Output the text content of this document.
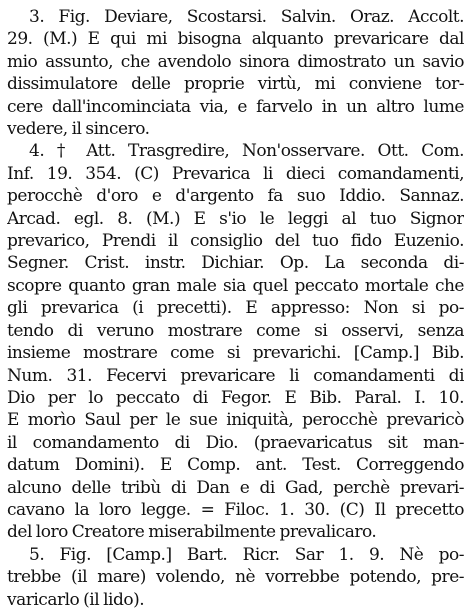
3. Fig. Deviare, Scostarsi. Salvin. Oraz. Accolt.
29. (M.) E qui mi bisogna alquanto prevaricare dal
mio assunto, che avendolo sinora dimostrato un savio
dissimulatore delle proprie virtù, mi conviene tor-
cere dall'incominciata via, e farvelo in un altro lume
vedere, il sincero.
4. † Att. Trasgredire, Non'osservare. Ott. Com.
Inf. 19. 354. (C) Prevarica li dieci comandamenti,
perocchè d'oro e d'argento fa suo Iddio. Sannaz.
Arcad. egl. 8. (M.) E s'io le leggi al tuo Signor
prevarico, Prendi il consiglio del tuo fido Euzenio.
Segner. Crist. instr. Dichiar. Op. La seconda di-
scopre quanto gran male sia quel peccato mortale che
gli prevarica (i precetti). E appresso: Non si po-
tendo di veruno mostrare come si osservi, senza
insieme mostrare come si prevarichi. [Camp.] Bib.
Num. 31. Fecervi prevaricare li comandamenti di
Dio per lo peccato di Fegor. E Bib. Paral. I. 10.
E morìo Saul per le sue iniquità, perocchè prevaricò
il comandamento di Dio. (praevaricatus sit man-
datum Domini). E Comp. ant. Test. Correggendo
alcuno delle tribù di Dan e di Gad, perchè prevari-
cavano la loro legge. = Filoc. 1. 30. (C) Il precetto
del loro Creatore miserabilmente prevalicaro.
5. Fig. [Camp.] Bart. Ricr. Sar 1. 9. Nè po-
trebbe (il mare) volendo, nè vorrebbe potendo, pre-
varicarlo (il lido).
